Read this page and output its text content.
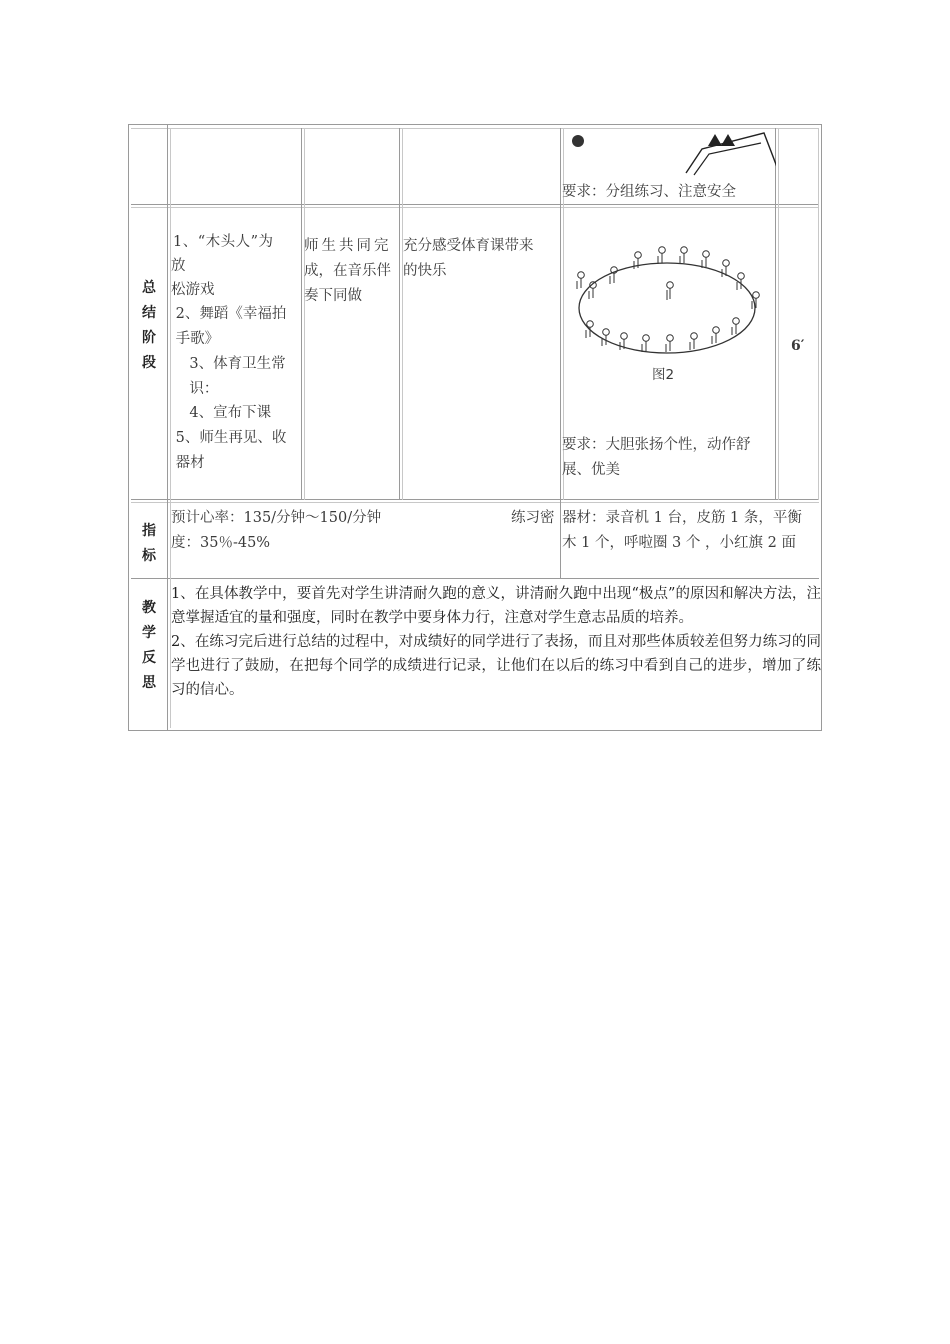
要求：分组练习、注意安全
总
结
阶
段
1、“木头人”为
放
松游戏
2、舞蹈《幸福拍
手歌》
3、体育卫生常
识：
4、宣布下课
5、师生再见、收
器材
师生共同完
成，在音乐伴
奏下同做
充分感受体育课带来
的快乐
图2
要求：大胆张扬个性，动作舒
展、优美
6′
指
标
预计心率：135/分钟～150/分钟	练习密
度：35％-45%
器材：录音机 1 台，皮筋 1 条，平衡
木 1 个，呼啦圈 3 个 ，小红旗 2 面
教
学
反
思

1、在具体教学中，要首先对学生讲清耐久跑的意义，讲清耐久跑中出现“极点”的原因和解决方法，注意掌握适宜的量和强度，同时在教学中要身体力行，注意对学生意志品质的培养。

2、在练习完后进行总结的过程中，对成绩好的同学进行了表扬，而且对那些体质较差但努力练习的同学也进行了鼓励，在把每个同学的成绩进行记录，让他们在以后的练习中看到自己的进步，增加了练习的信心。
